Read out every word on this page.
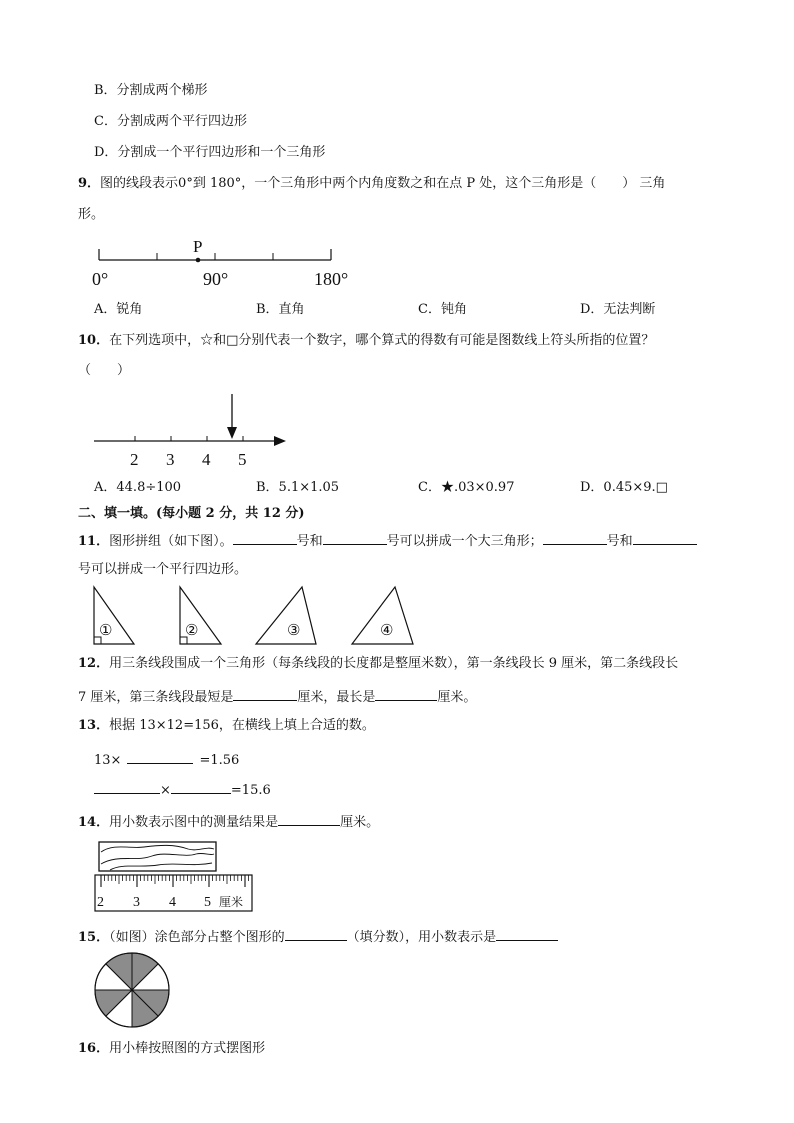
B．分割成两个梯形
C．分割成两个平行四边形
D．分割成一个平行四边形和一个三角形
9．图的线段表示0°到 180°，一个三角形中两个内角度数之和在点 P 处，这个三角形是（　　） 三角
形。
P
0°	90°	180°
A．锐角	B．直角	C．钝角	D．无法判断
10．在下列选项中，☆和□分别代表一个数字，哪个算式的得数有可能是图数线上符头所指的位置？
（　　）
2 3 4 5
A．44.8÷100	B．5.1×1.05	C．★.03×0.97	D．0.45×9.□
二、填一填。(每小题 2 分，共 12 分)
11．图形拼组（如下图）。	号和	号可以拼成一个大三角形；	号和
号可以拼成一个平行四边形。
①	②	③	④
12．用三条线段围成一个三角形（每条线段的长度都是整厘米数），第一条线段长 9 厘米，第二条线段长
7 厘米，第三条线段最短是	厘米，最长是	厘米。
13．根据 13×12=156，在横线上填上合适的数。
13×	=1.56
×	=15.6
14．用小数表示图中的测量结果是	厘米。
2 3 4 5 厘米
15．（如图）涂色部分占整个图形的	（填分数），用小数表示是
16．用小棒按照图的方式摆图形
